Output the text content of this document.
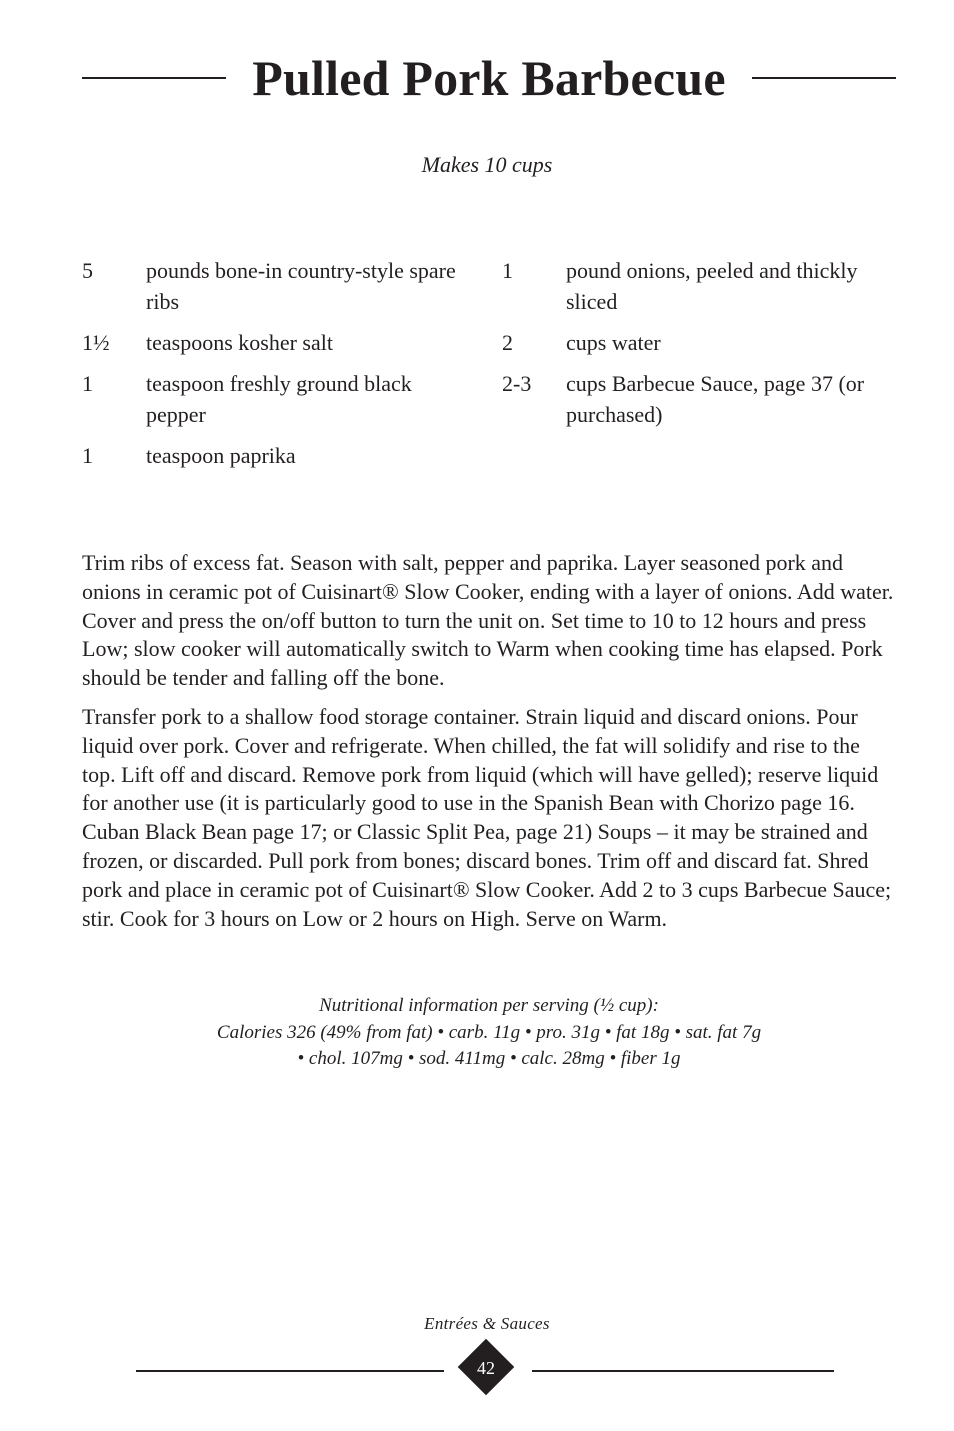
Pulled Pork Barbecue
Makes 10 cups
5	pounds bone-in country-style spare ribs
1½	teaspoons kosher salt
1	teaspoon freshly ground black pepper
1	teaspoon paprika
1	pound onions, peeled and thickly sliced
2	cups water
2-3	cups Barbecue Sauce, page 37 (or purchased)

Trim ribs of excess fat. Season with salt, pepper and paprika. Layer seasoned pork and onions in ceramic pot of Cuisinart® Slow Cooker, ending with a layer of onions. Add water. Cover and press the on/off button to turn the unit on. Set time to 10 to 12 hours and press Low; slow cooker will automatically switch to Warm when cooking time has elapsed. Pork should be tender and falling off the bone.

Transfer pork to a shallow food storage container. Strain liquid and discard onions. Pour liquid over pork. Cover and refrigerate. When chilled, the fat will solidify and rise to the top. Lift off and discard. Remove pork from liquid (which will have gelled); reserve liquid for another use (it is particularly good to use in the Spanish Bean with Chorizo page 16. Cuban Black Bean page 17; or Classic Split Pea, page 21) Soups – it may be strained and frozen, or discarded. Pull pork from bones; discard bones. Trim off and discard fat. Shred pork and place in ceramic pot of Cuisinart® Slow Cooker. Add 2 to 3 cups Barbecue Sauce; stir. Cook for 3 hours on Low or 2 hours on High. Serve on Warm.

Nutritional information per serving (½ cup):
Calories 326 (49% from fat) • carb. 11g • pro. 31g • fat 18g • sat. fat 7g
• chol. 107mg • sod. 411mg • calc. 28mg • fiber 1g
Entrées & Sauces
42
